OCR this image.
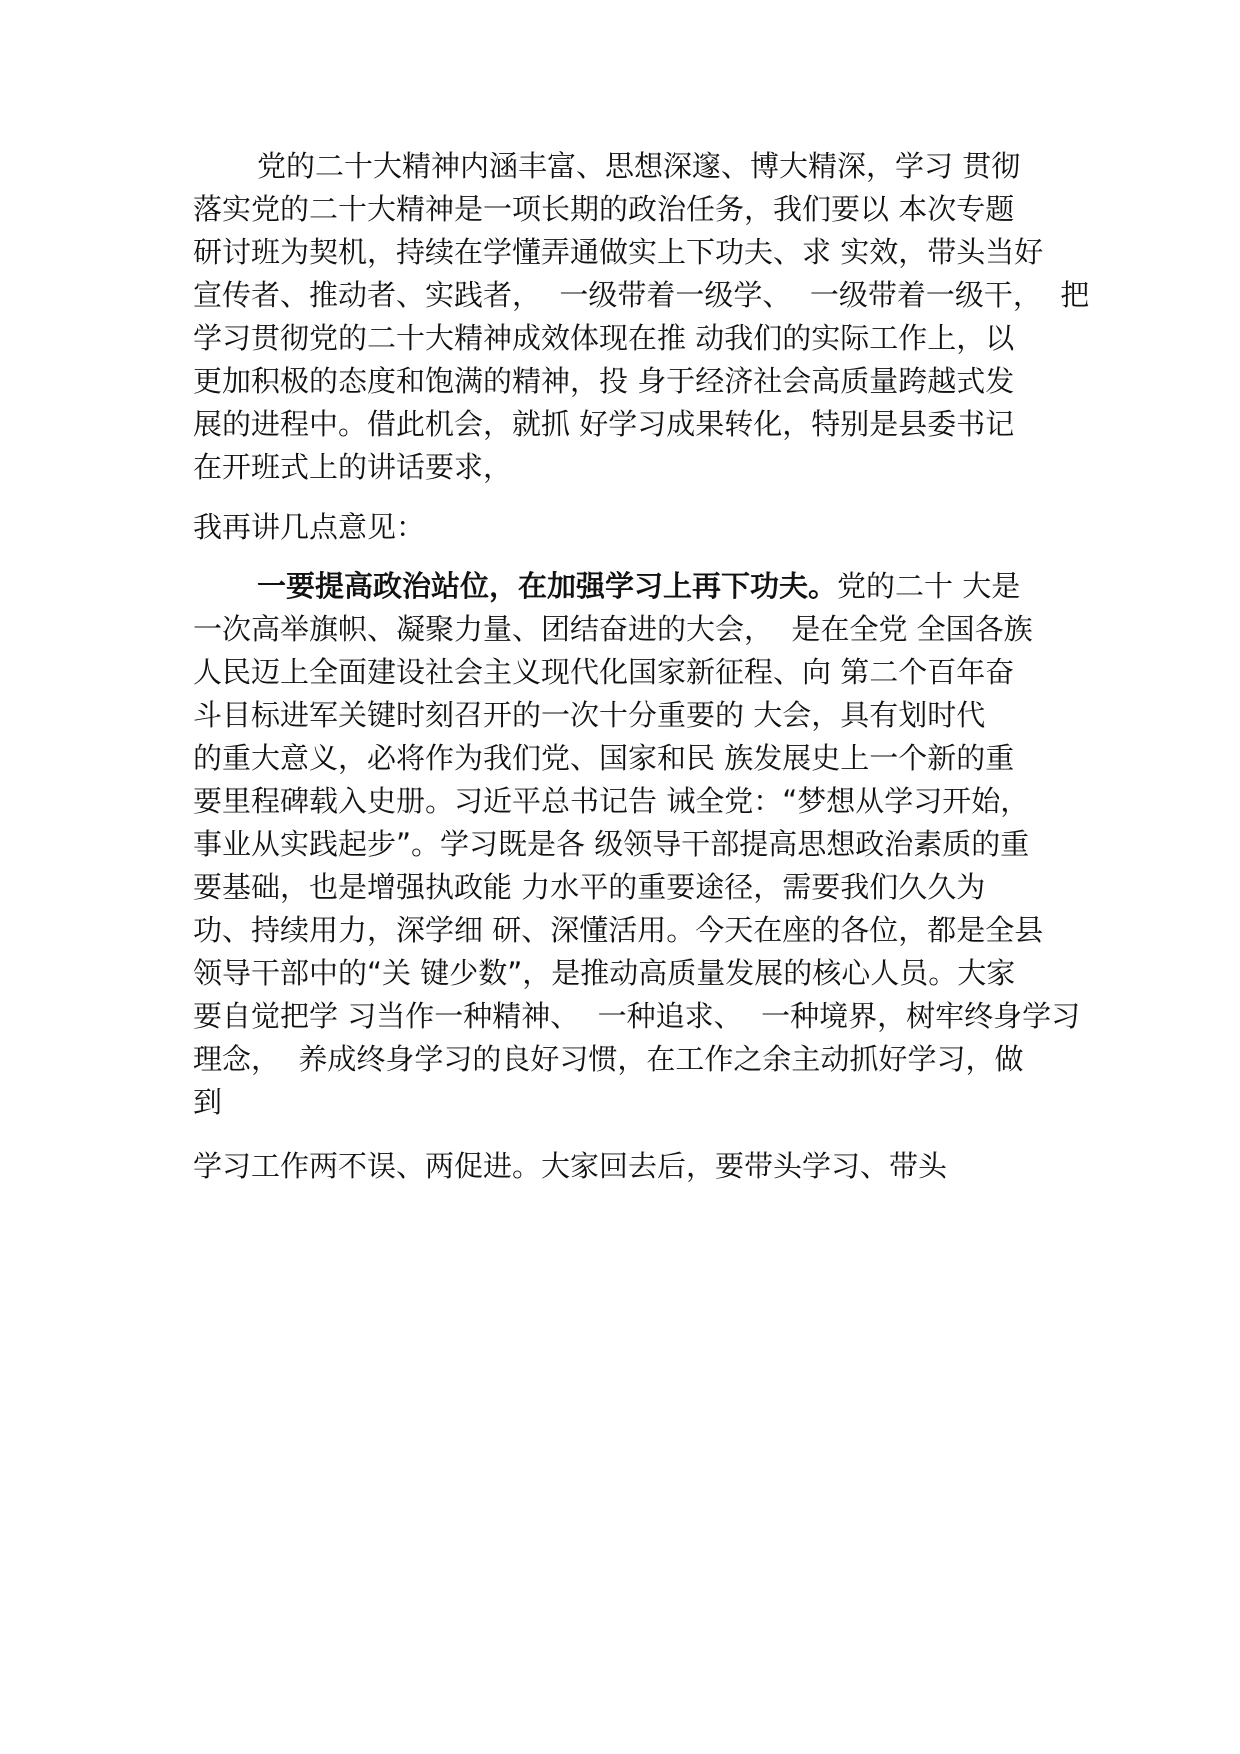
党的二十大精神内涵丰富、思想深邃、博大精深，学习 贯彻
落实党的二十大精神是一项长期的政治任务，我们要以 本次专题
研讨班为契机，持续在学懂弄通做实上下功夫、求 实效，带头当好
宣传者、推动者、实践者，  一级带着一级学、  一级带着一级干，  把
学习贯彻党的二十大精神成效体现在推 动我们的实际工作上，以
更加积极的态度和饱满的精神，投 身于经济社会高质量跨越式发
展的进程中。借此机会，就抓 好学习成果转化，特别是县委书记
在开班式上的讲话要求，
我再讲几点意见：
一要提高政治站位，在加强学习上再下功夫。党的二十 大是
一次高举旗帜、凝聚力量、团结奋进的大会，  是在全党 全国各族
人民迈上全面建设社会主义现代化国家新征程、向 第二个百年奋
斗目标进军关键时刻召开的一次十分重要的 大会，具有划时代
的重大意义，必将作为我们党、国家和民 族发展史上一个新的重
要里程碑载入史册。习近平总书记告 诫全党：“梦想从学习开始，
事业从实践起步”。学习既是各 级领导干部提高思想政治素质的重
要基础，也是增强执政能 力水平的重要途径，需要我们久久为
功、持续用力，深学细 研、深懂活用。今天在座的各位，都是全县
领导干部中的“关 键少数”，是推动高质量发展的核心人员。大家
要自觉把学 习当作一种精神、  一种追求、  一种境界，树牢终身学习
理念，  养成终身学习的良好习惯，在工作之余主动抓好学习，做
到
学习工作两不误、两促进。大家回去后，要带头学习、带头
